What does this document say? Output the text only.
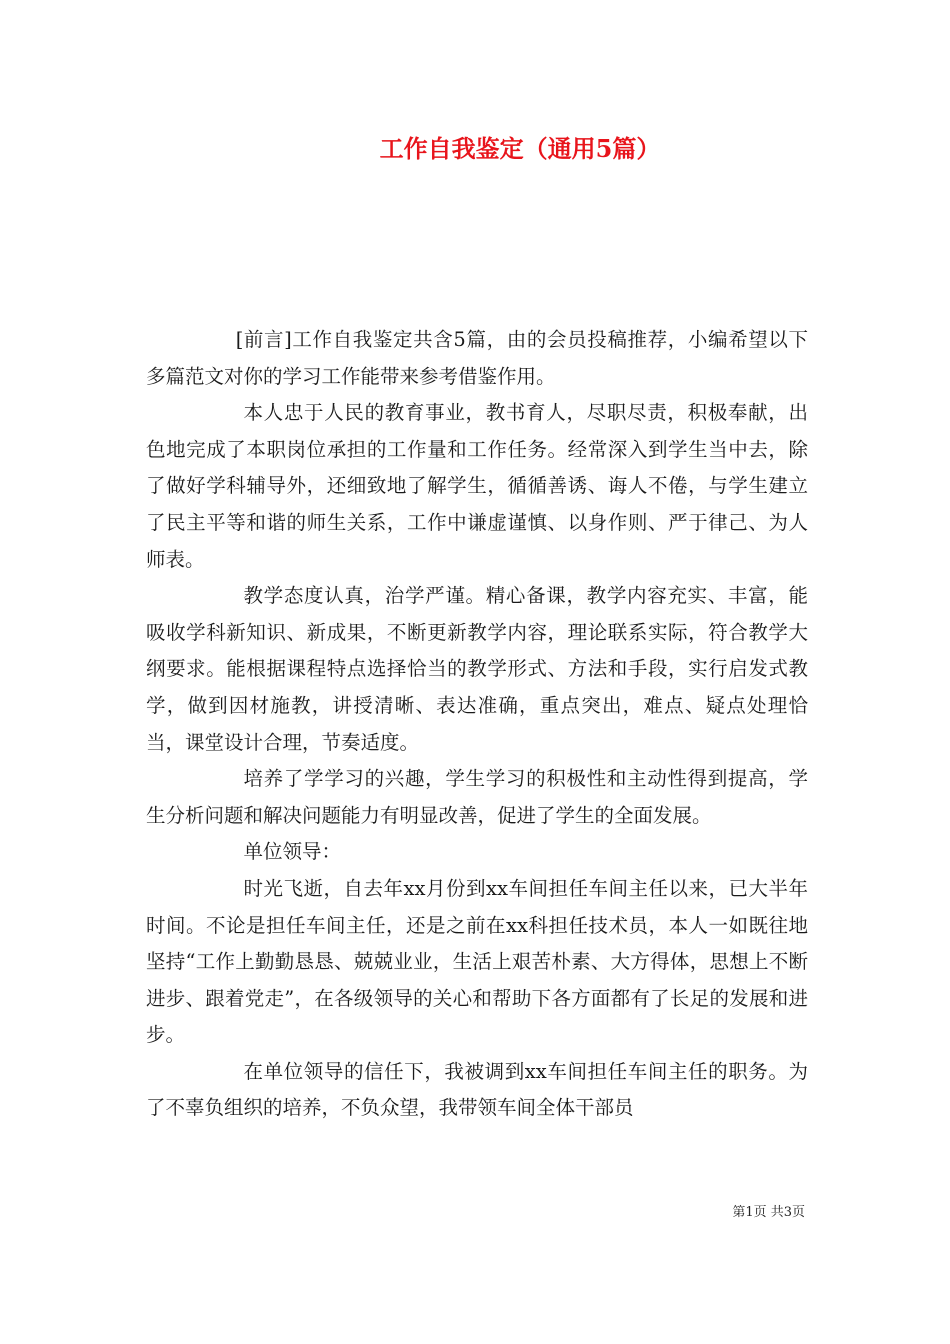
工作自我鉴定（通用5篇）

[前言]工作自我鉴定共含5篇，由的会员投稿推荐，小编希望以下多篇范文对你的学习工作能带来参考借鉴作用。

本人忠于人民的教育事业，教书育人，尽职尽责，积极奉献，出色地完成了本职岗位承担的工作量和工作任务。经常深入到学生当中去，除了做好学科辅导外，还细致地了解学生，循循善诱、诲人不倦，与学生建立了民主平等和谐的师生关系，工作中谦虚谨慎、以身作则、严于律己、为人师表。

教学态度认真，治学严谨。精心备课，教学内容充实、丰富，能吸收学科新知识、新成果，不断更新教学内容，理论联系实际，符合教学大纲要求。能根据课程特点选择恰当的教学形式、方法和手段，实行启发式教学，做到因材施教，讲授清晰、表达准确，重点突出，难点、疑点处理恰当，课堂设计合理，节奏适度。

培养了学学习的兴趣，学生学习的积极性和主动性得到提高，学生分析问题和解决问题能力有明显改善，促进了学生的全面发展。

单位领导：

时光飞逝，自去年xx月份到xx车间担任车间主任以来，已大半年时间。不论是担任车间主任，还是之前在xx科担任技术员，本人一如既往地坚持“工作上勤勤恳恳、兢兢业业，生活上艰苦朴素、大方得体，思想上不断进步、跟着党走”，在各级领导的关心和帮助下各方面都有了长足的发展和进步。

在单位领导的信任下，我被调到xx车间担任车间主任的职务。为了不辜负组织的培养，不负众望，我带领车间全体干部员

第1页 共3页
